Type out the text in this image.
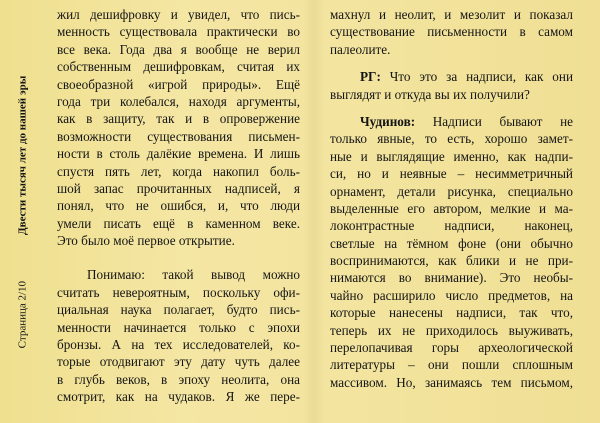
Страница 2/10
Двести тысяч лет до нашей эры
жил дешифровку и увидел, что пись-
менность существовала практически во
все века. Года два я вообще не верил
собственным дешифровкам, считая их
своеобразной «игрой природы». Ещё
года три колебался, находя аргументы,
как в защиту, так и в опровержение
возможности существования письмен-
ности в столь далёкие времена. И лишь
спустя пять лет, когда накопил боль-
шой запас прочитанных надписей, я
понял, что не ошибся, и, что люди
умели писать ещё в каменном веке.
Это было моё первое открытие.
Понимаю: такой вывод можно
считать невероятным, поскольку офи-
циальная наука полагает, будто пись-
менности начинается только с эпохи
бронзы. А на тех исследователей, ко-
торые отодвигают эту дату чуть далее
в глубь веков, в эпоху неолита, она
смотрит, как на чудаков. Я же пере-
махнул и неолит, и мезолит и показал
существование письменности в самом
палеолите.
РГ: Что это за надписи, как они
выглядят и откуда вы их получили?
Чудинов: Надписи бывают не
только явные, то есть, хорошо замет-
ные и выглядящие именно, как надпи-
си, но и неявные – несимметричный
орнамент, детали рисунка, специально
выделенные его автором, мелкие и ма-
локонтрастные надписи, наконец,
светлые на тёмном фоне (они обычно
воспринимаются, как блики и не при-
нимаются во внимание). Это необы-
чайно расширило число предметов, на
которые нанесены надписи, так что,
теперь их не приходилось выуживать,
перелопачивая горы археологической
литературы – они пошли сплошным
массивом. Но, занимаясь тем письмом,
